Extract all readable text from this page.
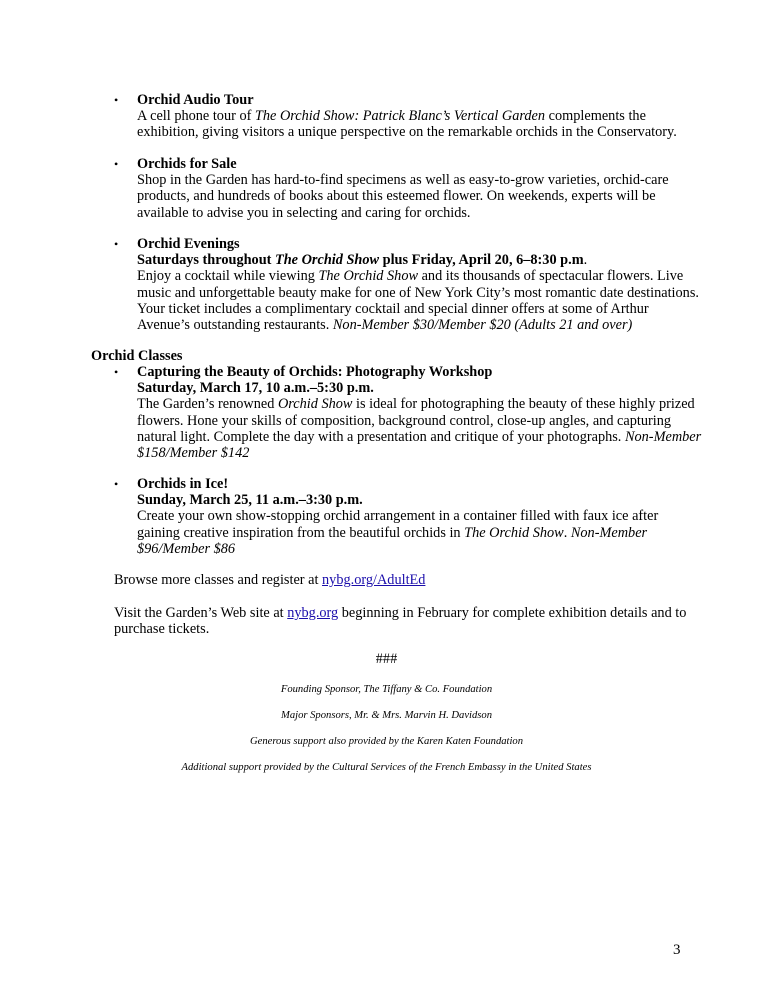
• Orchid Audio Tour

A cell phone tour of The Orchid Show: Patrick Blanc’s Vertical Garden complements the exhibition, giving visitors a unique perspective on the remarkable orchids in the Conservatory.

• Orchids for Sale

Shop in the Garden has hard-to-find specimens as well as easy-to-grow varieties, orchid-care products, and hundreds of books about this esteemed flower. On weekends, experts will be available to advise you in selecting and caring for orchids.

• Orchid Evenings

Saturdays throughout The Orchid Show plus Friday, April 20, 6–8:30 p.m.

Enjoy a cocktail while viewing The Orchid Show and its thousands of spectacular flowers. Live music and unforgettable beauty make for one of New York City’s most romantic date destinations. Your ticket includes a complimentary cocktail and special dinner offers at some of Arthur Avenue’s outstanding restaurants. Non-Member $30/Member $20 (Adults 21 and over)

Orchid Classes
• Capturing the Beauty of Orchids: Photography Workshop

Saturday, March 17, 10 a.m.–5:30 p.m.

The Garden’s renowned Orchid Show is ideal for photographing the beauty of these highly prized flowers. Hone your skills of composition, background control, close-up angles, and capturing natural light. Complete the day with a presentation and critique of your photographs. Non-Member $158/Member $142

• Orchids in Ice!

Sunday, March 25, 11 a.m.–3:30 p.m.

Create your own show-stopping orchid arrangement in a container filled with faux ice after gaining creative inspiration from the beautiful orchids in The Orchid Show. Non-Member $96/Member $86

Browse more classes and register at nybg.org/AdultEd
Visit the Garden’s Web site at nybg.org beginning in February for complete exhibition details and to purchase tickets.
###
Founding Sponsor, The Tiffany & Co. Foundation
Major Sponsors, Mr. & Mrs. Marvin H. Davidson
Generous support also provided by the Karen Katen Foundation
Additional support provided by the Cultural Services of the French Embassy in the United States
3
